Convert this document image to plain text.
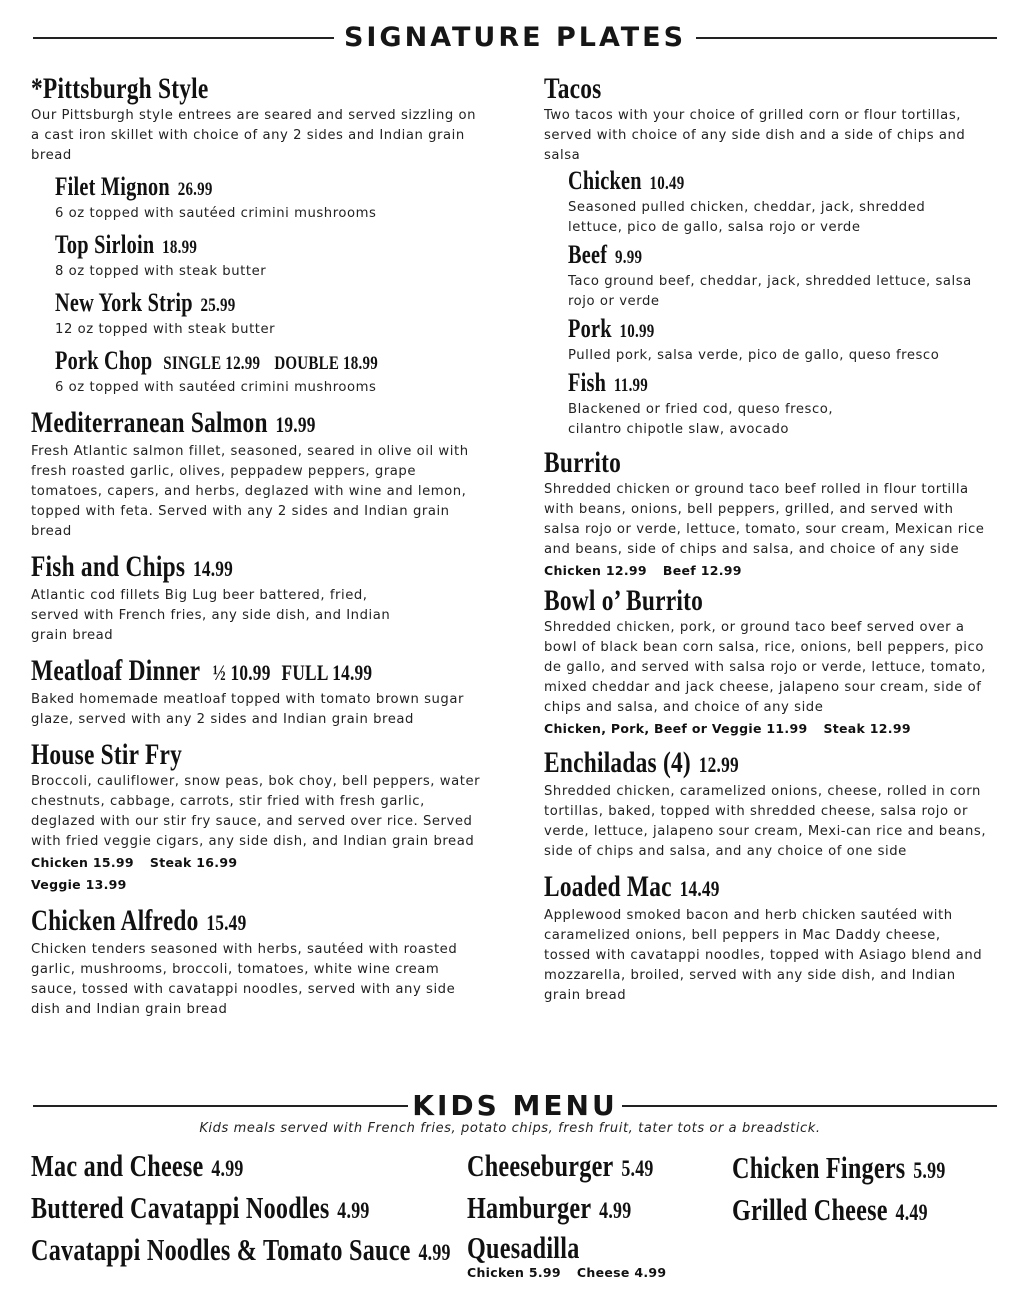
SIGNATURE PLATES
*Pittsburgh Style
Our Pittsburgh style entrees are seared and served sizzling on a cast iron skillet with choice of any 2 sides and Indian grain bread
Filet Mignon 26.99
6 oz topped with sautéed crimini mushrooms
Top Sirloin 18.99
8 oz topped with steak butter
New York Strip 25.99
12 oz topped with steak butter
Pork Chop SINGLE 12.99 DOUBLE 18.99
6 oz topped with sautéed crimini mushrooms
Mediterranean Salmon 19.99
Fresh Atlantic salmon fillet, seasoned, seared in olive oil with fresh roasted garlic, olives, peppadew peppers, grape tomatoes, capers, and herbs, deglazed with wine and lemon, topped with feta. Served with any 2 sides and Indian grain bread
Fish and Chips 14.99
Atlantic cod fillets Big Lug beer battered, fried, served with French fries, any side dish, and Indian grain bread
Meatloaf Dinner ½ 10.99 FULL 14.99
Baked homemade meatloaf topped with tomato brown sugar glaze, served with any 2 sides and Indian grain bread
House Stir Fry
Broccoli, cauliflower, snow peas, bok choy, bell peppers, water chestnuts, cabbage, carrots, stir fried with fresh garlic, deglazed with our stir fry sauce, and served over rice. Served with fried veggie cigars, any side dish, and Indian grain bread
Chicken 15.99 Steak 16.99
Veggie 13.99
Chicken Alfredo 15.49
Chicken tenders seasoned with herbs, sautéed with roasted garlic, mushrooms, broccoli, tomatoes, white wine cream sauce, tossed with cavatappi noodles, served with any side dish and Indian grain bread
Tacos
Two tacos with your choice of grilled corn or flour tortillas, served with choice of any side dish and a side of chips and salsa
Chicken 10.49
Seasoned pulled chicken, cheddar, jack, shredded lettuce, pico de gallo, salsa rojo or verde
Beef 9.99
Taco ground beef, cheddar, jack, shredded lettuce, salsa rojo or verde
Pork 10.99
Pulled pork, salsa verde, pico de gallo, queso fresco
Fish 11.99
Blackened or fried cod, queso fresco, cilantro chipotle slaw, avocado
Burrito
Shredded chicken or ground taco beef rolled in flour tortilla with beans, onions, bell peppers, grilled, and served with salsa rojo or verde, lettuce, tomato, sour cream, Mexican rice and beans, side of chips and salsa, and choice of any side
Chicken 12.99 Beef 12.99
Bowl o’ Burrito
Shredded chicken, pork, or ground taco beef served over a bowl of black bean corn salsa, rice, onions, bell peppers, pico de gallo, and served with salsa rojo or verde, lettuce, tomato, mixed cheddar and jack cheese, jalapeno sour cream, side of chips and salsa, and choice of any side
Chicken, Pork, Beef or Veggie 11.99 Steak 12.99
Enchiladas (4) 12.99
Shredded chicken, caramelized onions, cheese, rolled in corn tortillas, baked, topped with shredded cheese, salsa rojo or verde, lettuce, jalapeno sour cream, Mexi-can rice and beans, side of chips and salsa, and any choice of one side
Loaded Mac 14.49
Applewood smoked bacon and herb chicken sautéed with caramelized onions, bell peppers in Mac Daddy cheese, tossed with cavatappi noodles, topped with Asiago blend and mozzarella, broiled, served with any side dish, and Indian grain bread
KIDS MENU
Kids meals served with French fries, potato chips, fresh fruit, tater tots or a breadstick.
Mac and Cheese 4.99
Buttered Cavatappi Noodles 4.99
Cavatappi Noodles & Tomato Sauce 4.99
Cheeseburger 5.49
Hamburger 4.99
Quesadilla
Chicken 5.99 Cheese 4.99
Chicken Fingers 5.99
Grilled Cheese 4.49
